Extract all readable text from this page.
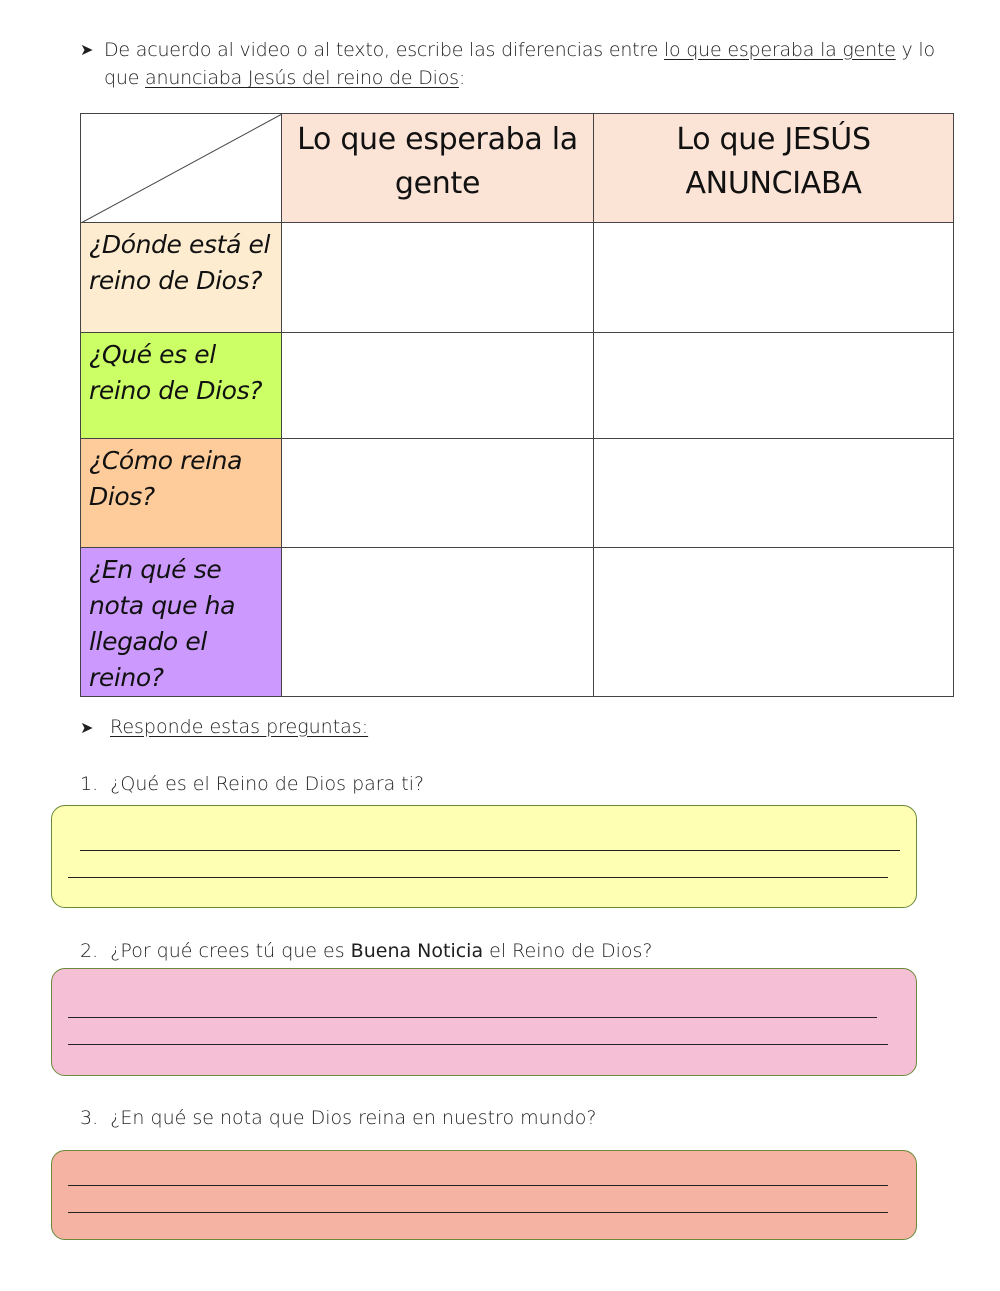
➤ De acuerdo al video o al texto, escribe las diferencias entre lo que esperaba la gente y lo que anunciaba Jesús del reino de Dios:
	Lo que esperaba la gente	Lo que JESÚS ANUNCIABA
¿Dónde está el reino de Dios?		
¿Qué es el reino de Dios?		
¿Cómo reina Dios?		
¿En qué se nota que ha llegado el reino?		
➤ Responde estas preguntas:
1. ¿Qué es el Reino de Dios para ti?
2. ¿Por qué crees tú que es Buena Noticia el Reino de Dios?
3. ¿En qué se nota que Dios reina en nuestro mundo?
